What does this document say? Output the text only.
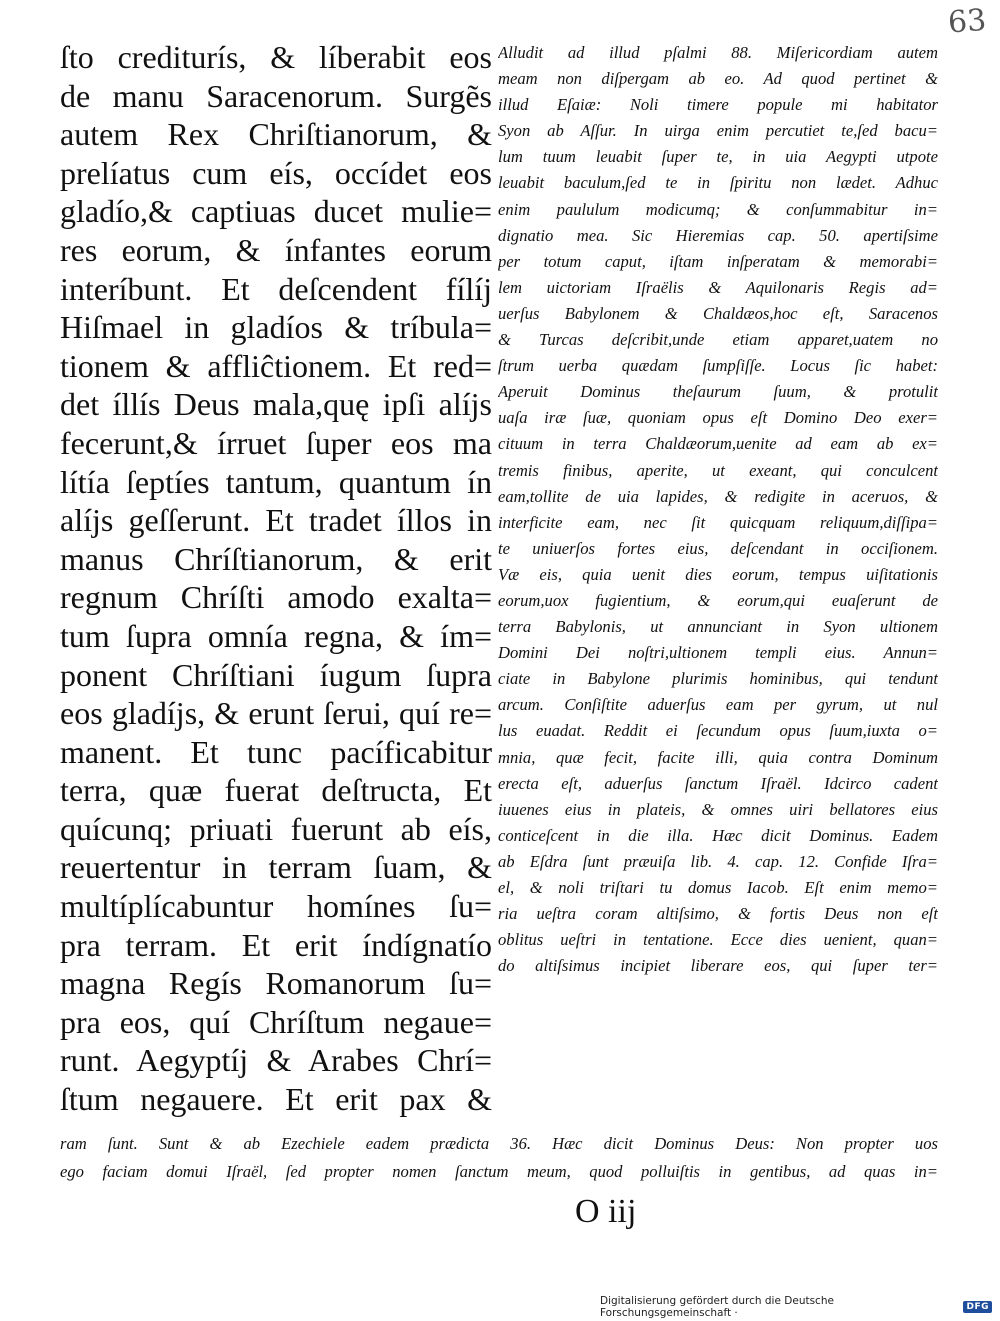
63
ſto crediturís, & líberabit eos
de manu Saracenorum. Surgẽs
autem Rex Chriſtianorum, &
prelíatus cum eís, occídet eos
gladío,& captiuas ducet mulie=
res eorum, & ínfantes eorum
interíbunt. Et deſcendent fílíj
Hiſmael in gladíos & tríbula=
tionem & affliĉtionem. Et red=
det íllís Deus mala,quę ipſi alíjs
fecerunt,& írruet ſuper eos ma
lítía ſeptíes tantum, quantum ín
alíjs geſſerunt. Et tradet íllos in
manus Chríſtianorum, & erit
regnum Chríſti amodo exalta=
tum ſupra omnía regna, & ím=
ponent Chríſtiani íugum ſupra
eos gladíjs, & erunt ſerui, quí re=
manent. Et tunc pacíficabitur
terra, quæ fuerat deſtructa, Et
quícunq; priuati fuerunt ab eís,
reuertentur in terram ſuam, &
multíplícabuntur homínes ſu=
pra terram. Et erit índígnatío
magna Regís Romanorum ſu=
pra eos, quí Chríſtum negaue=
runt. Aegyptíj & Arabes Chrí=
ſtum negauere. Et erit pax &
Alludit ad illud pſalmi 88. Miſericordiam autem
meam non diſpergam ab eo. Ad quod pertinet &
illud Eſaiæ: Noli timere popule mi habitator
Syon ab Aſſur. In uirga enim percutiet te,ſed bacu=
lum tuum leuabit ſuper te, in uia Aegypti utpote
leuabit baculum,ſed te in ſpiritu non lædet. Adhuc
enim paululum modicumq; & conſummabitur in=
dignatio mea. Sic Hieremias cap. 50. apertiſsime
per totum caput, iſtam inſperatam & memorabi=
lem uictoriam Iſraëlis & Aquilonaris Regis ad=
uerſus Babylonem & Chaldæos,hoc eſt, Saracenos
& Turcas deſcribit,unde etiam apparet,uatem no
ſtrum uerba quædam ſumpſiſſe. Locus ſic habet:
Aperuit Dominus theſaurum ſuum, & protulit
uaſa iræ ſuæ, quoniam opus eſt Domino Deo exer=
cituum in terra Chaldæorum,uenite ad eam ab ex=
tremis finibus, aperite, ut exeant, qui conculcent
eam,tollite de uia lapides, & redigite in aceruos, &
interficite eam, nec ſit quicquam reliquum,diſſipa=
te uniuerſos fortes eius, deſcendant in occiſionem.
Væ eis, quia uenit dies eorum, tempus uiſitationis
eorum,uox fugientium, & eorum,qui euaſerunt de
terra Babylonis, ut annunciant in Syon ultionem
Domini Dei noſtri,ultionem templi eius. Annun=
ciate in Babylone plurimis hominibus, qui tendunt
arcum. Conſiſtite aduerſus eam per gyrum, ut nul
lus euadat. Reddit ei ſecundum opus ſuum,iuxta o=
mnia, quæ fecit, facite illi, quia contra Dominum
erecta eſt, aduerſus ſanctum Iſraël. Idcirco cadent
iuuenes eius in plateis, & omnes uiri bellatores eius
conticeſcent in die illa. Hæc dicit Dominus. Eadem
ab Eſdra ſunt præuiſa lib. 4. cap. 12. Confide Iſra=
el, & noli triſtari tu domus Iacob. Eſt enim memo=
ria ueſtra coram altiſsimo, & fortis Deus non eſt
oblitus ueſtri in tentatione. Ecce dies uenient, quan=
do altiſsimus incipiet liberare eos, qui ſuper ter=
ram ſunt. Sunt & ab Ezechiele eadem prædicta 36. Hæc dicit Dominus Deus: Non propter uos
ego faciam domui Iſraël, ſed propter nomen ſanctum meum, quod polluiſtis in gentibus, ad quas in=
O iij
Digitalisierung gefördert durch die Deutsche Forschungsgemeinschaft ·	DFG
